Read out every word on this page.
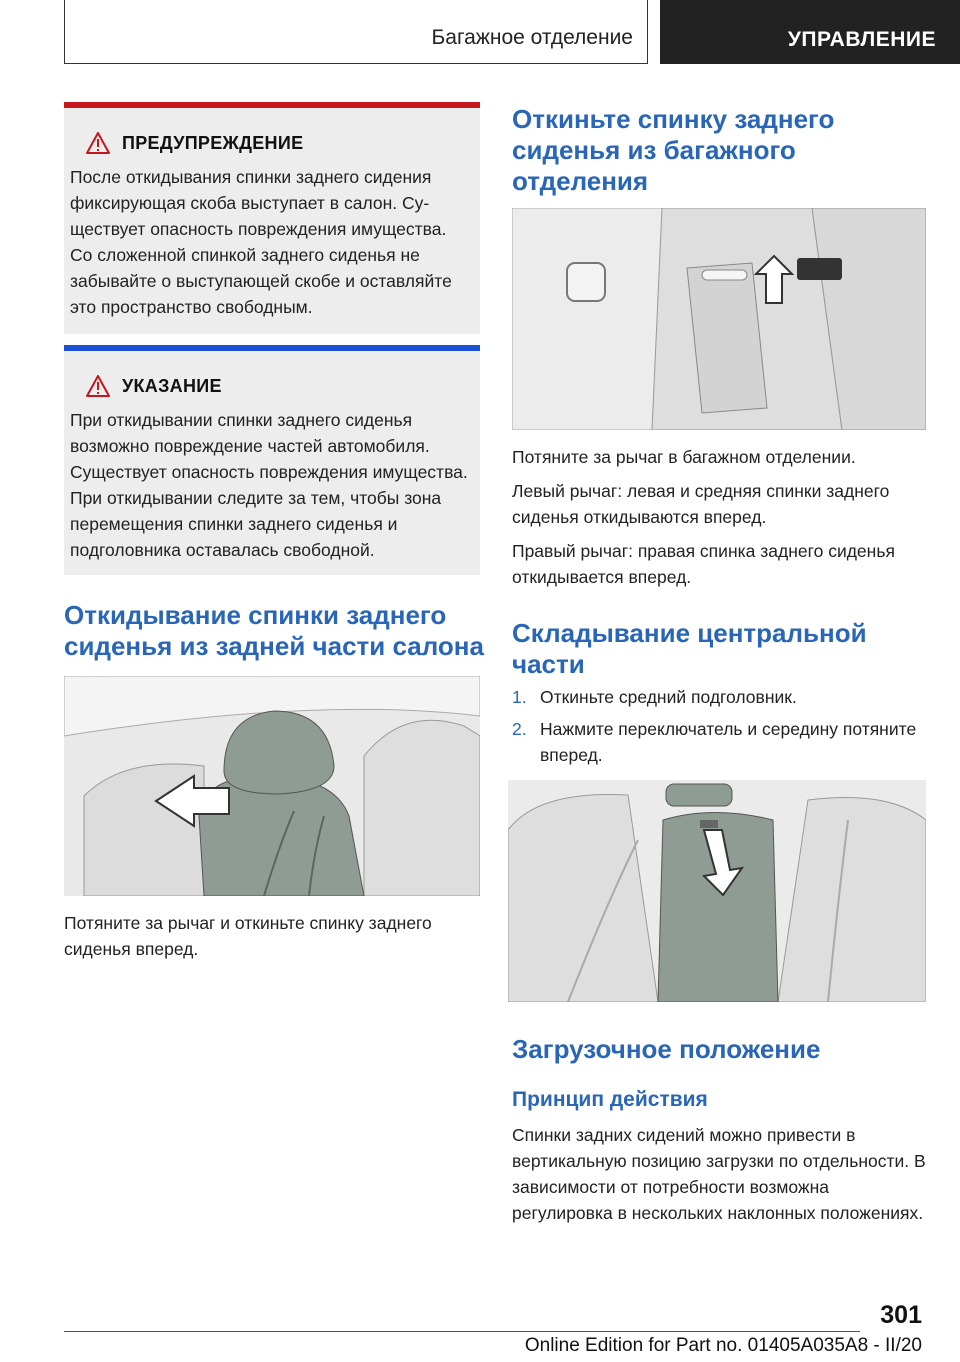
Багажное отделение	УПРАВЛЕНИЕ
ПРЕДУПРЕЖДЕНИЕ

После откидывания спинки заднего сидения фиксирующая скоба выступает в салон. Существует опасность повреждения имущества. Со сложенной спинкой заднего сиденья не забывайте о выступающей скобе и оставляйте это пространство свободным.

УКАЗАНИЕ

При откидывании спинки заднего сиденья возможно повреждение частей автомобиля. Существует опасность повреждения имущества. При откидывании следите за тем, чтобы зона перемещения спинки заднего сиденья и подголовника оставалась свободной.

Откидывание спинки заднего сиденья из задней части салона

Потяните за рычаг и откиньте спинку заднего сиденья вперед.

Откиньте спинку заднего сиденья из багажного отделения

Потяните за рычаг в багажном отделении.

Левый рычаг: левая и средняя спинки заднего сиденья откидываются вперед.

Правый рычаг: правая спинка заднего сиденья откидывается вперед.

Складывание центральной части
1. Откиньте средний подголовник.
2. Нажмите переключатель и середину потяните вперед.
Загрузочное положение
Принцип действия

Спинки задних сидений можно привести в вертикальную позицию загрузки по отдельности. В зависимости от потребности возможна регулировка в нескольких наклонных положениях.

301
Online Edition for Part no. 01405A035A8 - II/20
